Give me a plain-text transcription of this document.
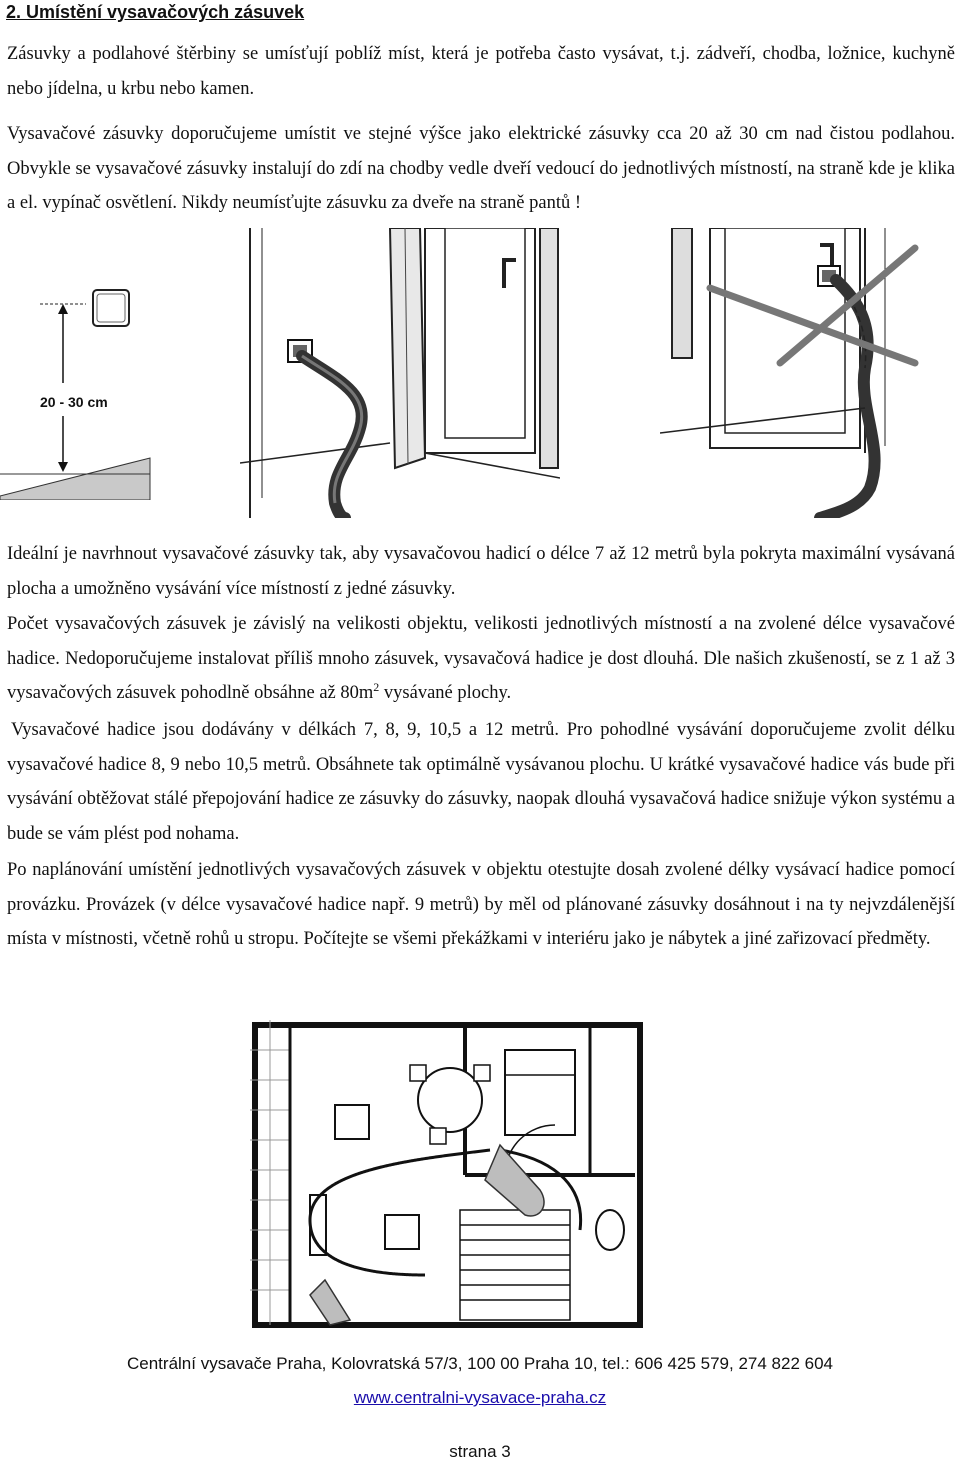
2. Umístění vysavačových zásuvek

Zásuvky a podlahové štěrbiny se umísťují poblíž míst, která je potřeba často vysávat, t.j. zádveří, chodba, ložnice, kuchyně nebo jídelna, u krbu nebo kamen.

Vysavačové zásuvky doporučujeme umístit ve stejné výšce jako elektrické zásuvky cca 20 až 30 cm nad čistou podlahou. Obvykle se vysavačové zásuvky instalují do zdí na chodby vedle dveří vedoucí do jednotlivých místností, na straně kde je klika a el. vypínač osvětlení. Nikdy neumísťujte zásuvku za dveře na straně pantů !

20 - 30 cm

Ideální je navrhnout vysavačové zásuvky tak, aby vysavačovou hadicí o délce 7 až 12 metrů byla pokryta maximální vysávaná plocha a umožněno vysávání více místností z jedné zásuvky.

Počet vysavačových zásuvek je závislý na velikosti objektu, velikosti jednotlivých místností a na zvolené délce vysavačové hadice. Nedoporučujeme instalovat příliš mnoho zásuvek, vysavačová hadice je dost dlouhá. Dle našich zkušeností, se z 1 až 3 vysavačových zásuvek pohodlně obsáhne až $80m^2$ vysávané plochy.

Vysavačové hadice jsou dodávány v délkách 7, 8, 9, 10,5 a 12 metrů. Pro pohodlné vysávání doporučujeme zvolit délku vysavačové hadice 8, 9 nebo 10,5 metrů. Obsáhnete tak optimálně vysávanou plochu. U krátké vysavačové hadice vás bude při vysávání obtěžovat stálé přepojování hadice ze zásuvky do zásuvky, naopak dlouhá vysavačová hadice snižuje výkon systému a bude se vám plést pod nohama.

Po naplánování umístění jednotlivých vysavačových zásuvek v objektu otestujte dosah zvolené délky vysávací hadice pomocí provázku. Provázek (v délce vysavačové hadice např. 9 metrů) by měl od plánované zásuvky dosáhnout i na ty nejvzdálenější místa v místnosti, včetně rohů u stropu. Počítejte se všemi překážkami v interiéru jako je nábytek a jiné zařizovací předměty.

Centrální vysavače Praha, Kolovratská 57/3, 100 00 Praha 10, tel.: 606 425 579, 274 822 604
www.centralni-vysavace-praha.cz
strana 3
